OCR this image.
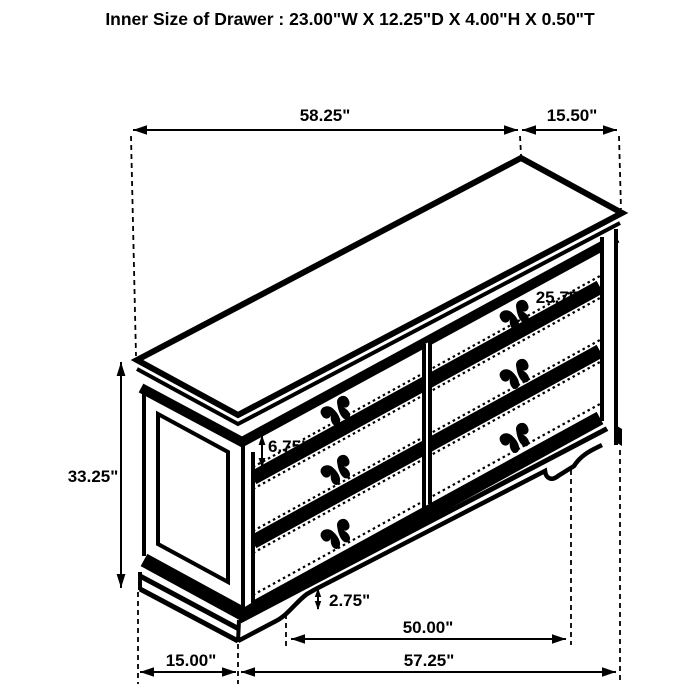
Inner Size of Drawer : 23.00"W X 12.25"D X 4.00"H X 0.50"T
58.25"	15.50"
25.75"
33.25"
6.75"
2.75"
50.00"
57.25"
15.00"
